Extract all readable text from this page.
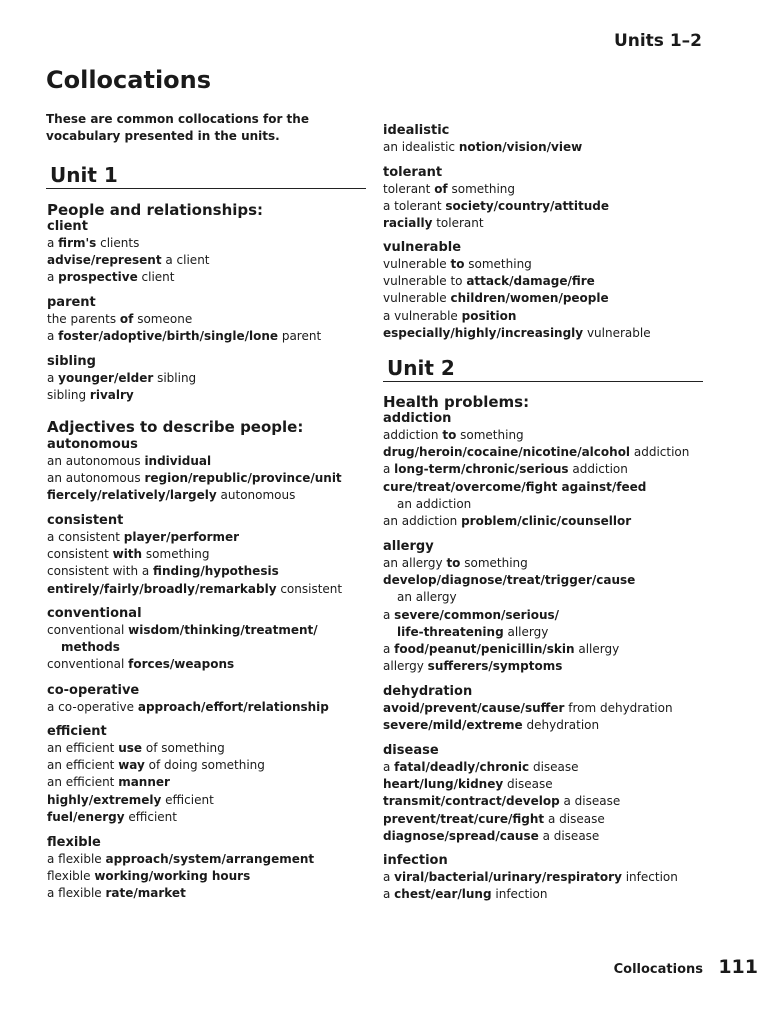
Units 1–2
Collocations
These are common collocations for the vocabulary presented in the units.
Unit 1
People and relationships:
client
a firm's clients
advise/represent a client
a prospective client
parent
the parents of someone
a foster/adoptive/birth/single/lone parent
sibling
a younger/elder sibling
sibling rivalry
Adjectives to describe people:
autonomous
an autonomous individual
an autonomous region/republic/province/unit
fiercely/relatively/largely autonomous
consistent
a consistent player/performer
consistent with something
consistent with a finding/hypothesis
entirely/fairly/broadly/remarkably consistent
conventional
conventional wisdom/thinking/treatment/
methods
conventional forces/weapons
co-operative
a co-operative approach/effort/relationship
efficient
an efficient use of something
an efficient way of doing something
an efficient manner
highly/extremely efficient
fuel/energy efficient
flexible
a flexible approach/system/arrangement
flexible working/working hours
a flexible rate/market
idealistic
an idealistic notion/vision/view
tolerant
tolerant of something
a tolerant society/country/attitude
racially tolerant
vulnerable
vulnerable to something
vulnerable to attack/damage/fire
vulnerable children/women/people
a vulnerable position
especially/highly/increasingly vulnerable
Unit 2
Health problems:
addiction
addiction to something
drug/heroin/cocaine/nicotine/alcohol addiction
a long-term/chronic/serious addiction
cure/treat/overcome/fight against/feed
an addiction
an addiction problem/clinic/counsellor
allergy
an allergy to something
develop/diagnose/treat/trigger/cause
an allergy
a severe/common/serious/
life-threatening allergy
a food/peanut/penicillin/skin allergy
allergy sufferers/symptoms
dehydration
avoid/prevent/cause/suffer from dehydration
severe/mild/extreme dehydration
disease
a fatal/deadly/chronic disease
heart/lung/kidney disease
transmit/contract/develop a disease
prevent/treat/cure/fight a disease
diagnose/spread/cause a disease
infection
a viral/bacterial/urinary/respiratory infection
a chest/ear/lung infection
Collocations 111
